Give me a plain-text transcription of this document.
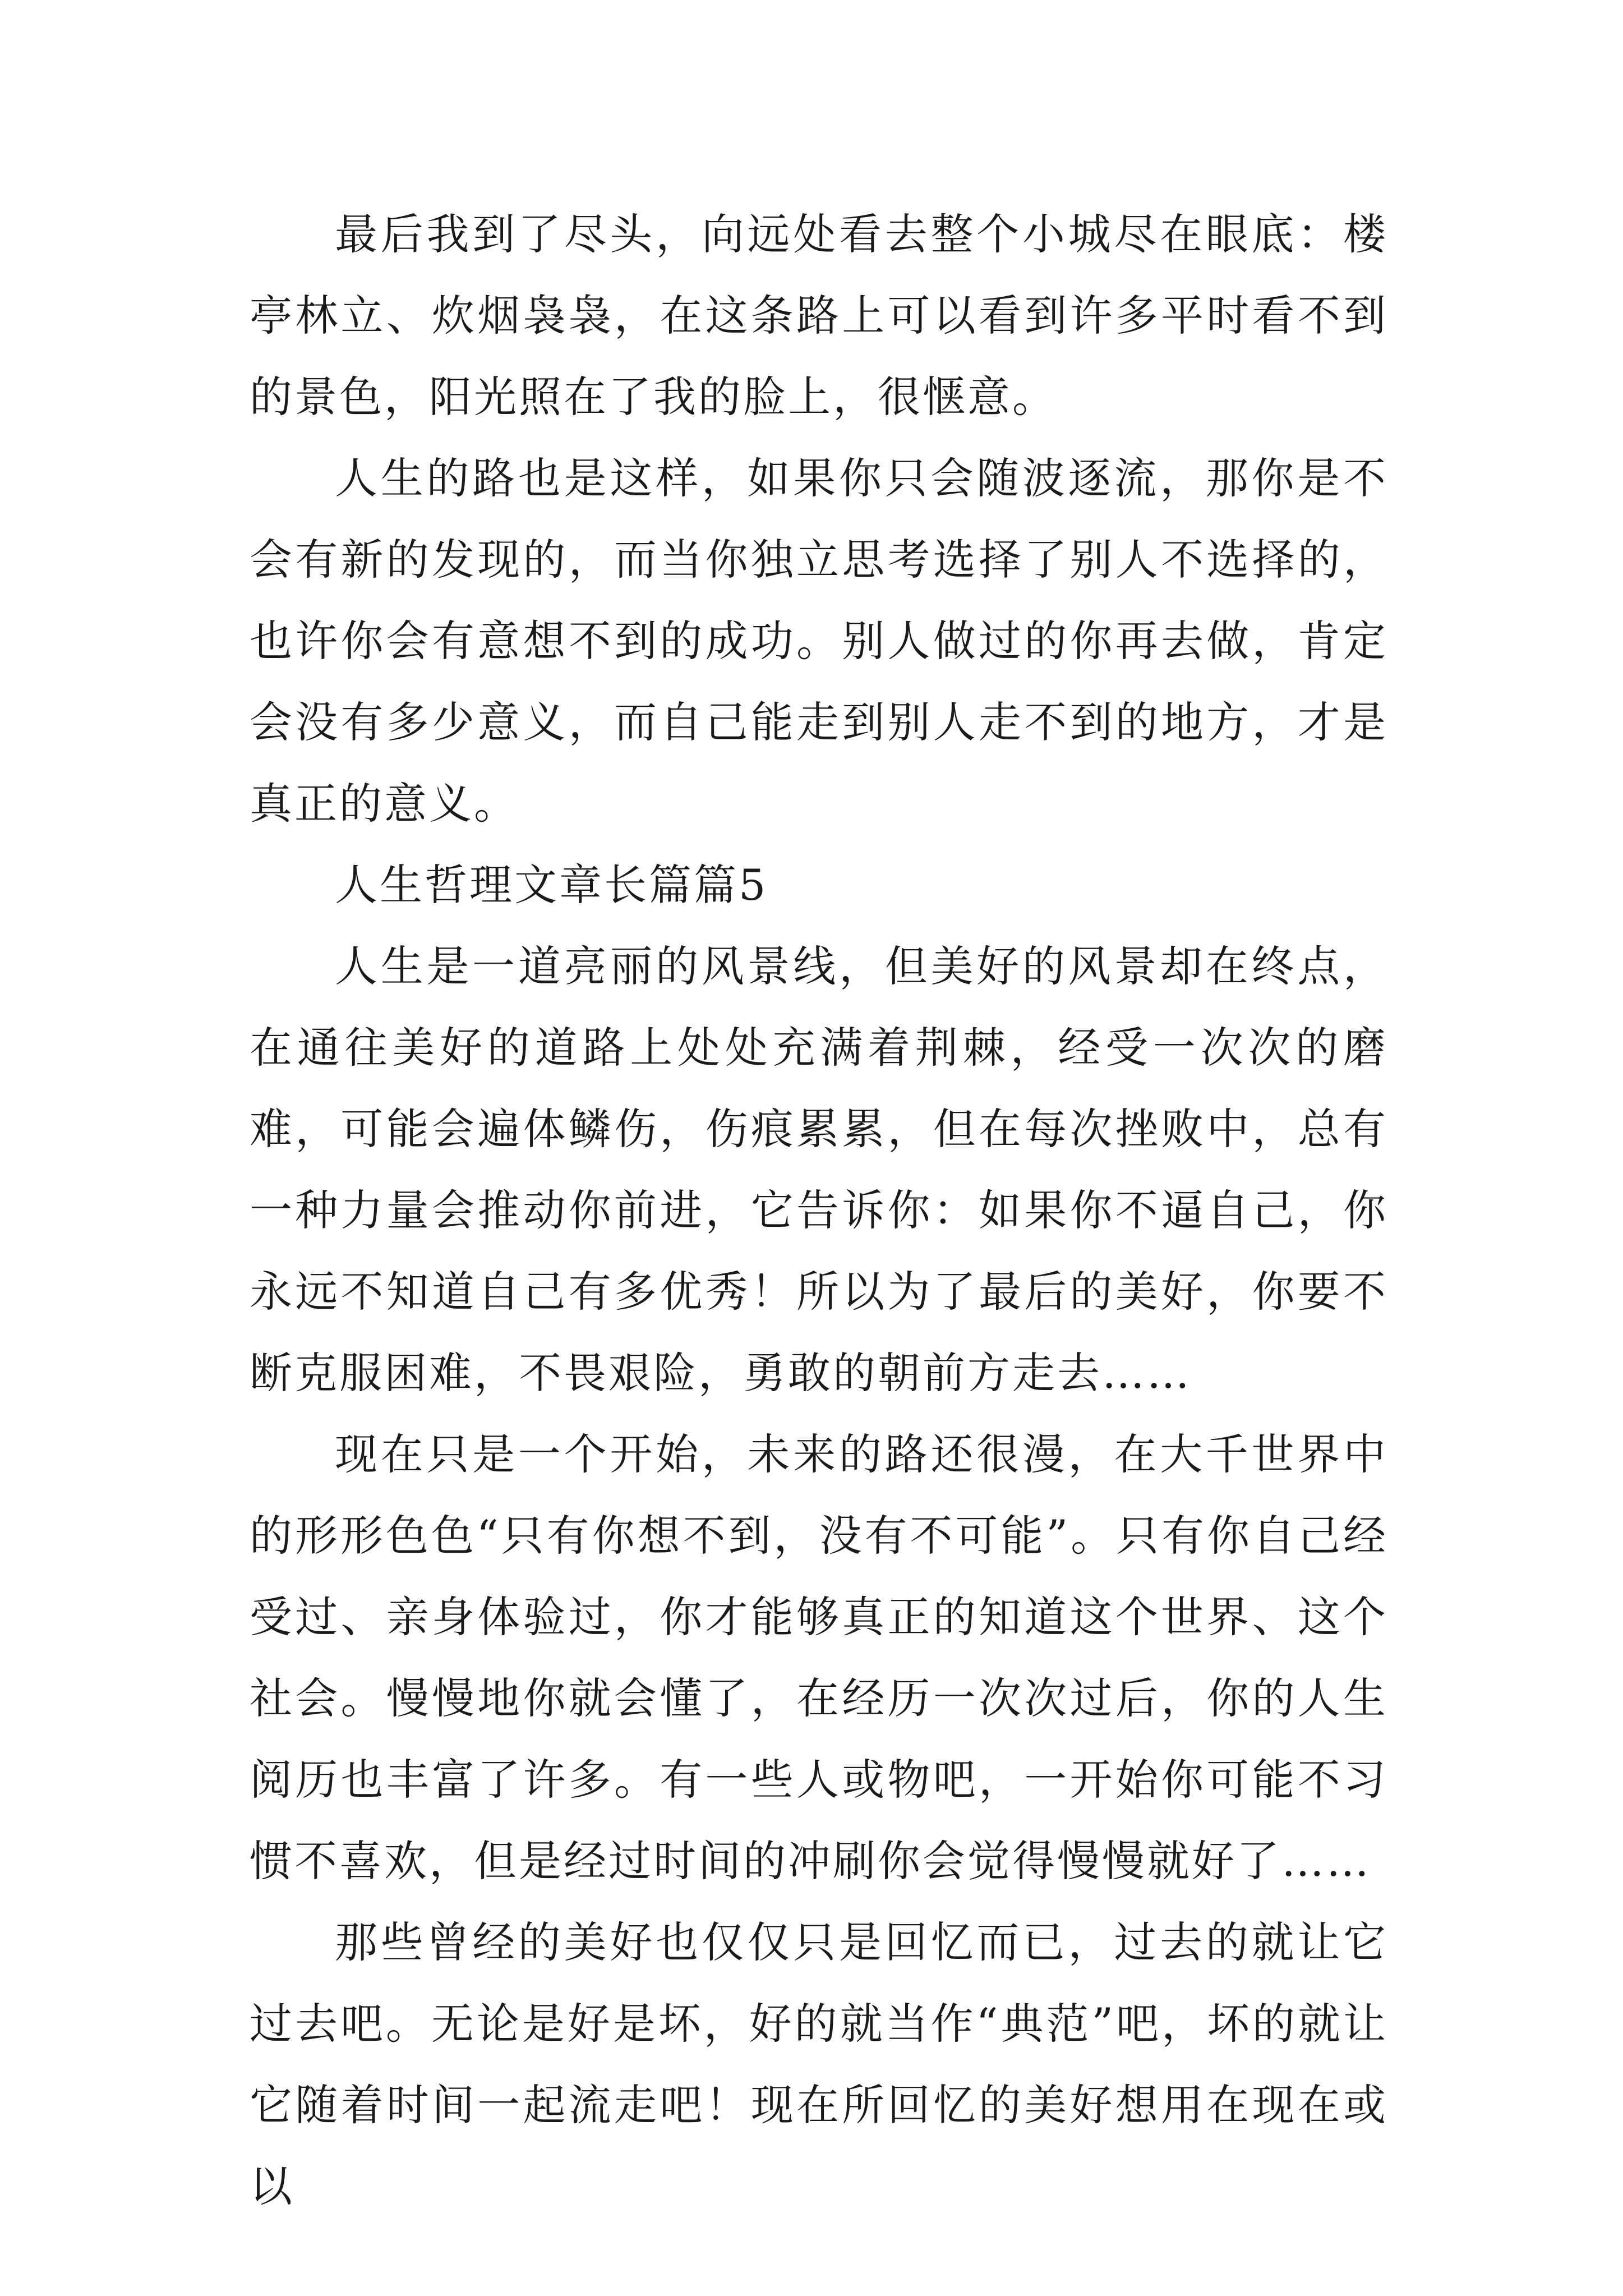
最后我到了尽头，向远处看去整个小城尽在眼底：楼亭林立、炊烟袅袅，在这条路上可以看到许多平时看不到的景色，阳光照在了我的脸上，很惬意。

人生的路也是这样，如果你只会随波逐流，那你是不会有新的发现的，而当你独立思考选择了别人不选择的，也许你会有意想不到的成功。别人做过的你再去做，肯定会没有多少意义，而自己能走到别人走不到的地方，才是真正的意义。

人生哲理文章长篇篇5

人生是一道亮丽的风景线，但美好的风景却在终点，在通往美好的道路上处处充满着荆棘，经受一次次的磨难，可能会遍体鳞伤，伤痕累累，但在每次挫败中，总有一种力量会推动你前进，它告诉你：如果你不逼自己，你永远不知道自己有多优秀！所以为了最后的美好，你要不断克服困难，不畏艰险，勇敢的朝前方走去……

现在只是一个开始，未来的路还很漫，在大千世界中的形形色色“只有你想不到，没有不可能”。只有你自己经受过、亲身体验过，你才能够真正的知道这个世界、这个社会。慢慢地你就会懂了，在经历一次次过后，你的人生阅历也丰富了许多。有一些人或物吧，一开始你可能不习惯不喜欢，但是经过时间的冲刷你会觉得慢慢就好了……

那些曾经的美好也仅仅只是回忆而已，过去的就让它过去吧。无论是好是坏，好的就当作“典范”吧，坏的就让它随着时间一起流走吧！现在所回忆的美好想用在现在或以
